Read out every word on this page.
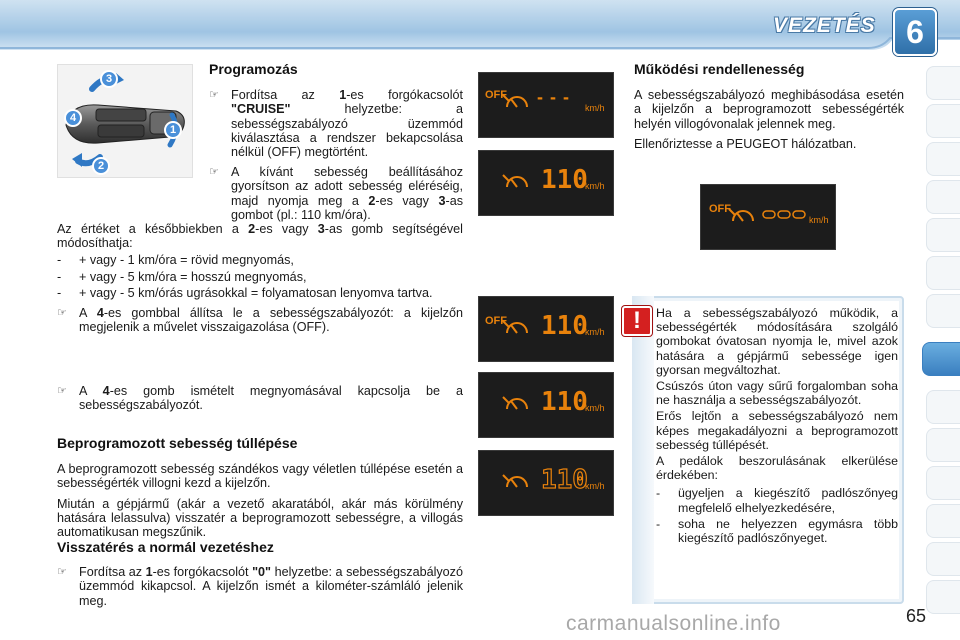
VEZETÉS 6
3
4
1
2
Programozás
☞ Fordítsa az 1-es forgókacsolót "CRUISE" helyzetbe: a sebességszabályozó üzemmód kiválasztása a rendszer bekapcsolása nélkül (OFF) megtörtént.
☞ A kívánt sebesség beállításához gyorsítson az adott sebesség eléréséig, majd nyomja meg a 2-es vagy 3-as gombot (pl.: 110 km/óra).

Az értéket a későbbiekben a 2-es vagy 3-as gomb segítségével módosíthatja:

- + vagy - 1 km/óra = rövid megnyomás,
- + vagy - 5 km/óra = hosszú megnyomás,
- + vagy - 5 km/órás ugrásokkal = folyamatosan lenyomva tartva.
☞ A 4-es gombbal állítsa le a sebességszabályozót: a kijelzőn megjelenik a művelet visszaigazolása (OFF).
☞ A 4-es gomb ismételt megnyomásával kapcsolja be a sebességszabályozót.
Beprogramozott sebesség túllépése

A beprogramozott sebesség szándékos vagy véletlen túllépése esetén a sebességérték villogni kezd a kijelzőn.

Miután a gépjármű (akár a vezető akaratából, akár más körülmény hatására lelassulva) visszatér a beprogramozott sebességre, a villogás automatikusan megszűnik.

Visszatérés a normál vezetéshez
☞ Fordítsa az 1-es forgókacsolót "0" helyzetbe: a sebességszabályozó üzemmód kikapcsol. A kijelzőn ismét a kilométer-számláló jelenik meg.
OFF - - -
km/h
110
km/h
OFF 110
km/h
110
km/h
110
km/h
Működési rendellenesség

A sebességszabályozó meghibásodása esetén a kijelzőn a beprogramozott sebességérték helyén villogóvonalak jelennek meg.

Ellenőriztesse a PEUGEOT hálózatban.

OFF
km/h
!	Ha a sebességszabályozó működik, a sebességérték módosítására szolgáló gombokat óvatosan nyomja le, mivel azok hatására a gépjármű sebessége igen gyorsan megváltozhat.

Csúszós úton vagy sűrű forgalomban soha ne használja a sebességszabályozót.

Erős lejtőn a sebességszabályozó nem képes megakadályozni a beprogramozott sebesség túllépését.

A pedálok beszorulásának elkerülése érdekében:

- ügyeljen a kiegészítő padlószőnyeg megfelelő elhelyezkedésére,
- soha ne helyezzen egymásra több kiegészítő padlószőnyeget.
carmanualsonline.info	65
